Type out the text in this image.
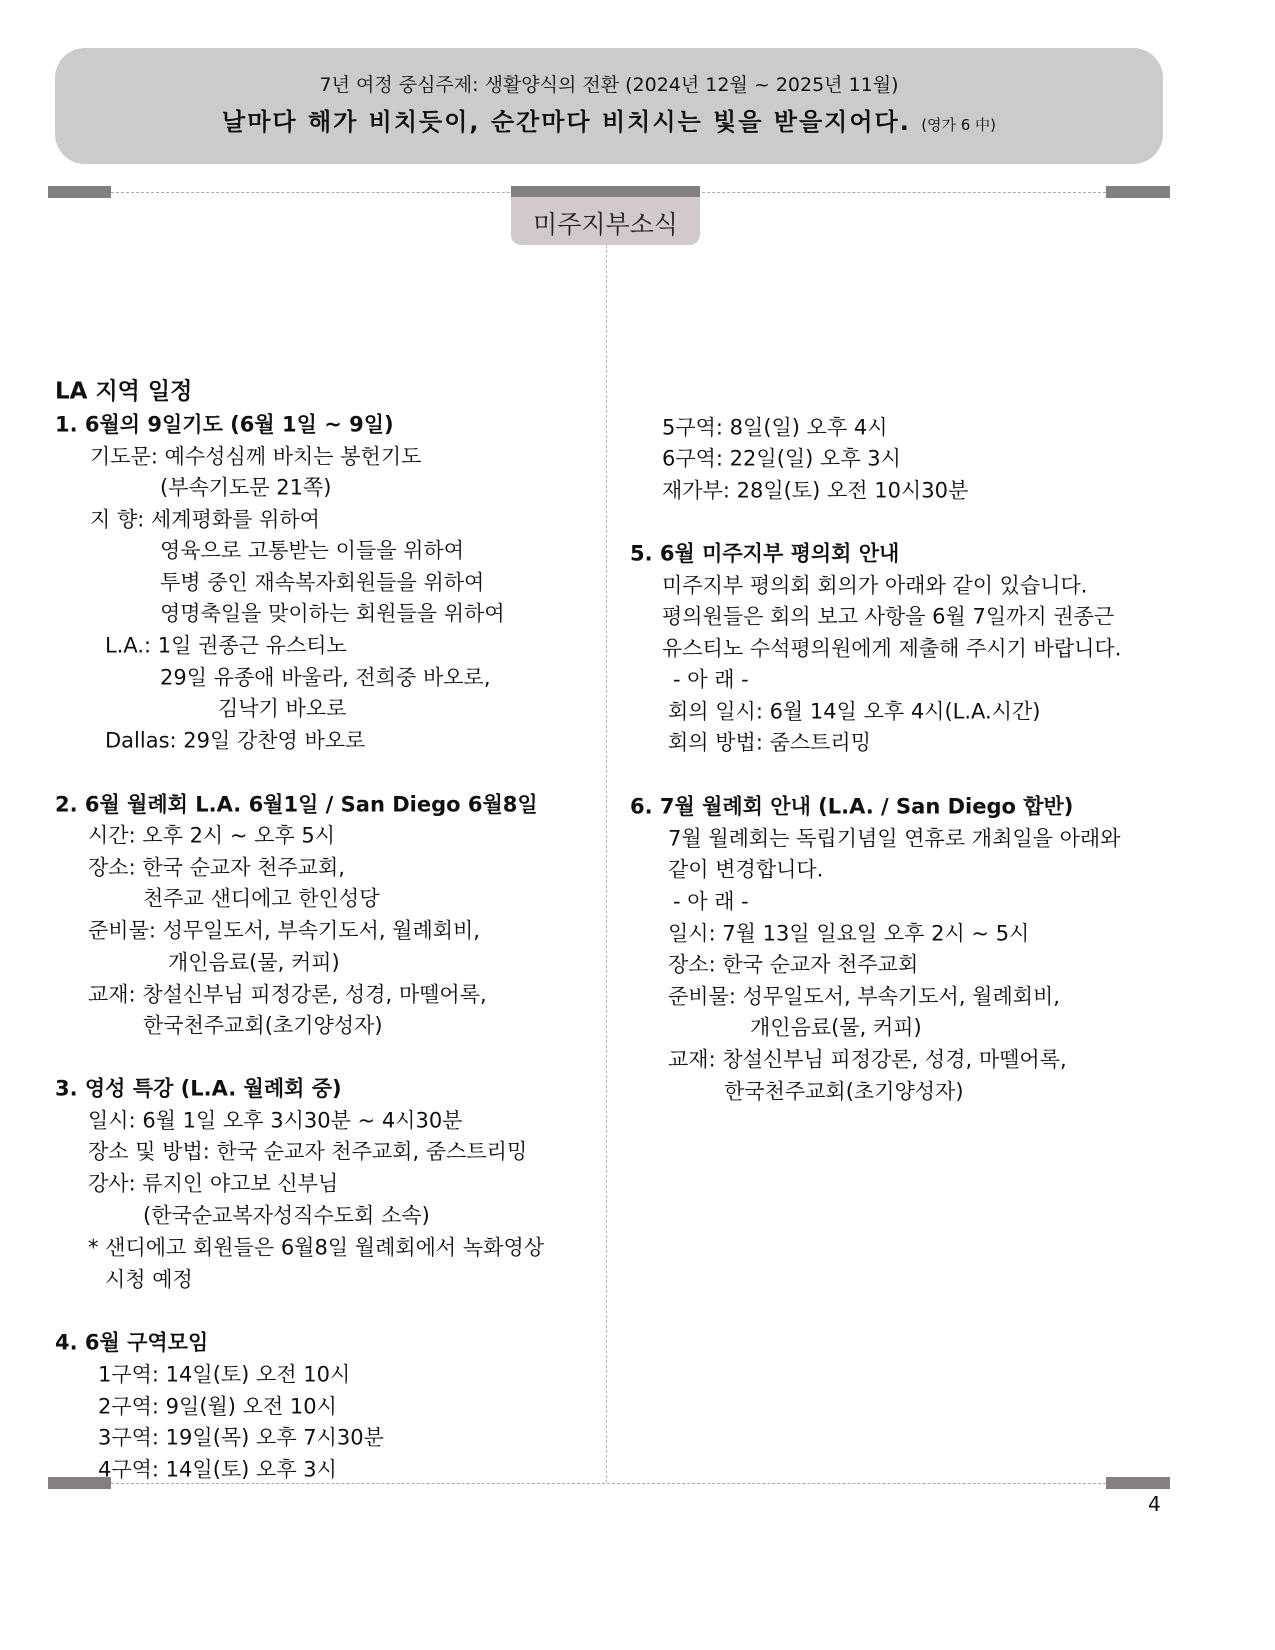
7년 여정 중심주제: 생활양식의 전환 (2024년 12월 ~ 2025년 11월)
날마다 해가 비치듯이, 순간마다 비치시는 빛을 받을지어다. (영가 6 中)
미주지부소식
LA 지역 일정
1. 6월의 9일기도 (6월 1일 ~ 9일)
기도문: 예수성심께 바치는 봉헌기도
(부속기도문 21쪽)
지 향: 세계평화를 위하여
영육으로 고통받는 이들을 위하여
투병 중인 재속복자회원들을 위하여
영명축일을 맞이하는 회원들을 위하여
L.A.: 1일 권종근 유스티노
29일 유종애 바울라, 전희중 바오로,
김낙기 바오로
Dallas: 29일 강찬영 바오로
2. 6월 월례회 L.A. 6월1일 / San Diego 6월8일
시간: 오후 2시 ~ 오후 5시
장소: 한국 순교자 천주교회,
천주교 샌디에고 한인성당
준비물: 성무일도서, 부속기도서, 월례회비,
개인음료(물, 커피)
교재: 창설신부님 피정강론, 성경, 마뗄어록,
한국천주교회(초기양성자)
3. 영성 특강 (L.A. 월례회 중)
일시: 6월 1일 오후 3시30분 ~ 4시30분
장소 및 방법: 한국 순교자 천주교회, 줌스트리밍
강사: 류지인 야고보 신부님
(한국순교복자성직수도회 소속)
* 샌디에고 회원들은 6월8일 월례회에서 녹화영상
시청 예정
4. 6월 구역모임
1구역: 14일(토) 오전 10시
2구역: 9일(월) 오전 10시
3구역: 19일(목) 오후 7시30분
4구역: 14일(토) 오후 3시
5구역: 8일(일) 오후 4시
6구역: 22일(일) 오후 3시
재가부: 28일(토) 오전 10시30분
5. 6월 미주지부 평의회 안내
미주지부 평의회 회의가 아래와 같이 있습니다.
평의원들은 회의 보고 사항을 6월 7일까지 권종근
유스티노 수석평의원에게 제출해 주시기 바랍니다.
- 아 래 -
회의 일시: 6월 14일 오후 4시(L.A.시간)
회의 방법: 줌스트리밍
6. 7월 월례회 안내 (L.A. / San Diego 합반)
7월 월례회는 독립기념일 연휴로 개최일을 아래와
같이 변경합니다.
- 아 래 -
일시: 7월 13일 일요일 오후 2시 ~ 5시
장소: 한국 순교자 천주교회
준비물: 성무일도서, 부속기도서, 월례회비,
개인음료(물, 커피)
교재: 창설신부님 피정강론, 성경, 마뗄어록,
한국천주교회(초기양성자)
4
